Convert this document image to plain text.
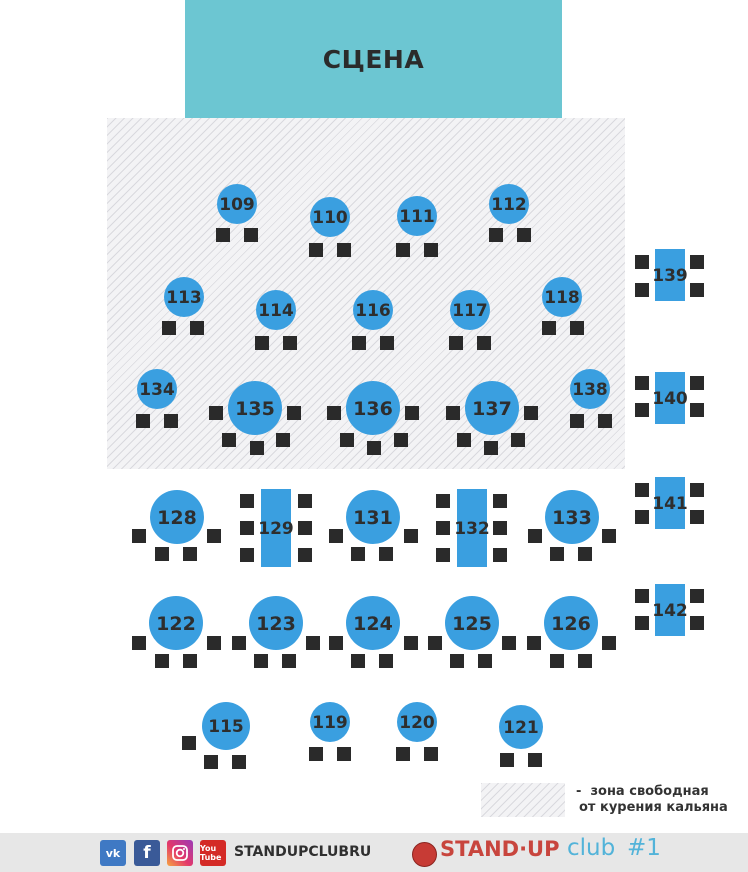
СЦЕНА
109
110	111
112
113
114	116	117
118
134
135	136	137
138
139
140
141
142
128	129	131	132	133
122	123	124	125	126
115	119	120	121
- зона свободная
от курения кальяна
vk f	You Tube STANDUPCLUBRU	STAND·UP club #1
